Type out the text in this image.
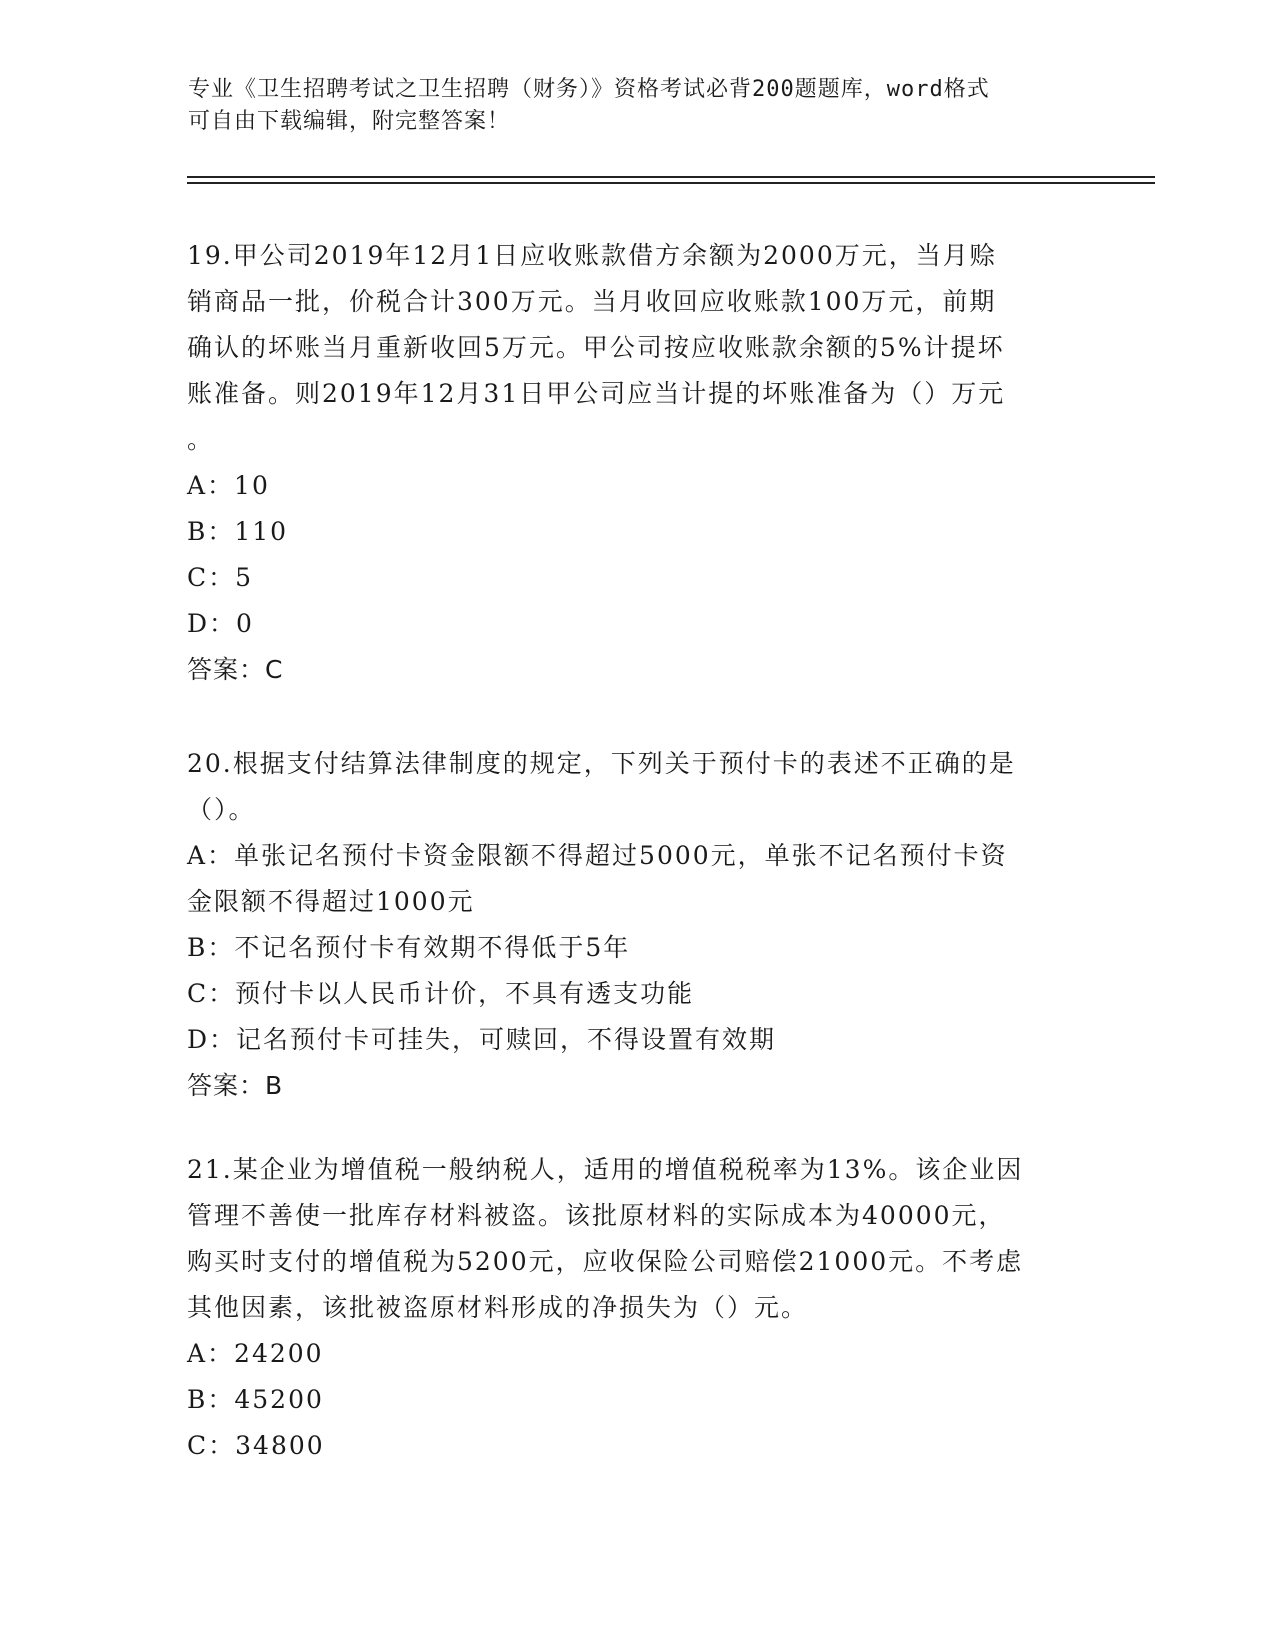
专业《卫生招聘考试之卫生招聘（财务）》资格考试必背200题题库，word格式

可自由下载编辑，附完整答案！

19.甲公司2019年12月1日应收账款借方余额为2000万元，当月赊

销商品一批，价税合计300万元。当月收回应收账款100万元，前期

确认的坏账当月重新收回5万元。甲公司按应收账款余额的5%计提坏

账准备。则2019年12月31日甲公司应当计提的坏账准备为（）万元

。

A：10

B：110

C：5

D：0

答案：C

20.根据支付结算法律制度的规定，下列关于预付卡的表述不正确的是

（）。

A：单张记名预付卡资金限额不得超过5000元，单张不记名预付卡资

金限额不得超过1000元

B：不记名预付卡有效期不得低于5年

C：预付卡以人民币计价，不具有透支功能

D：记名预付卡可挂失，可赎回，不得设置有效期

答案：B

21.某企业为增值税一般纳税人，适用的增值税税率为13%。该企业因

管理不善使一批库存材料被盗。该批原材料的实际成本为40000元，

购买时支付的增值税为5200元，应收保险公司赔偿21000元。不考虑

其他因素，该批被盗原材料形成的净损失为（）元。

A：24200

B：45200

C：34800
